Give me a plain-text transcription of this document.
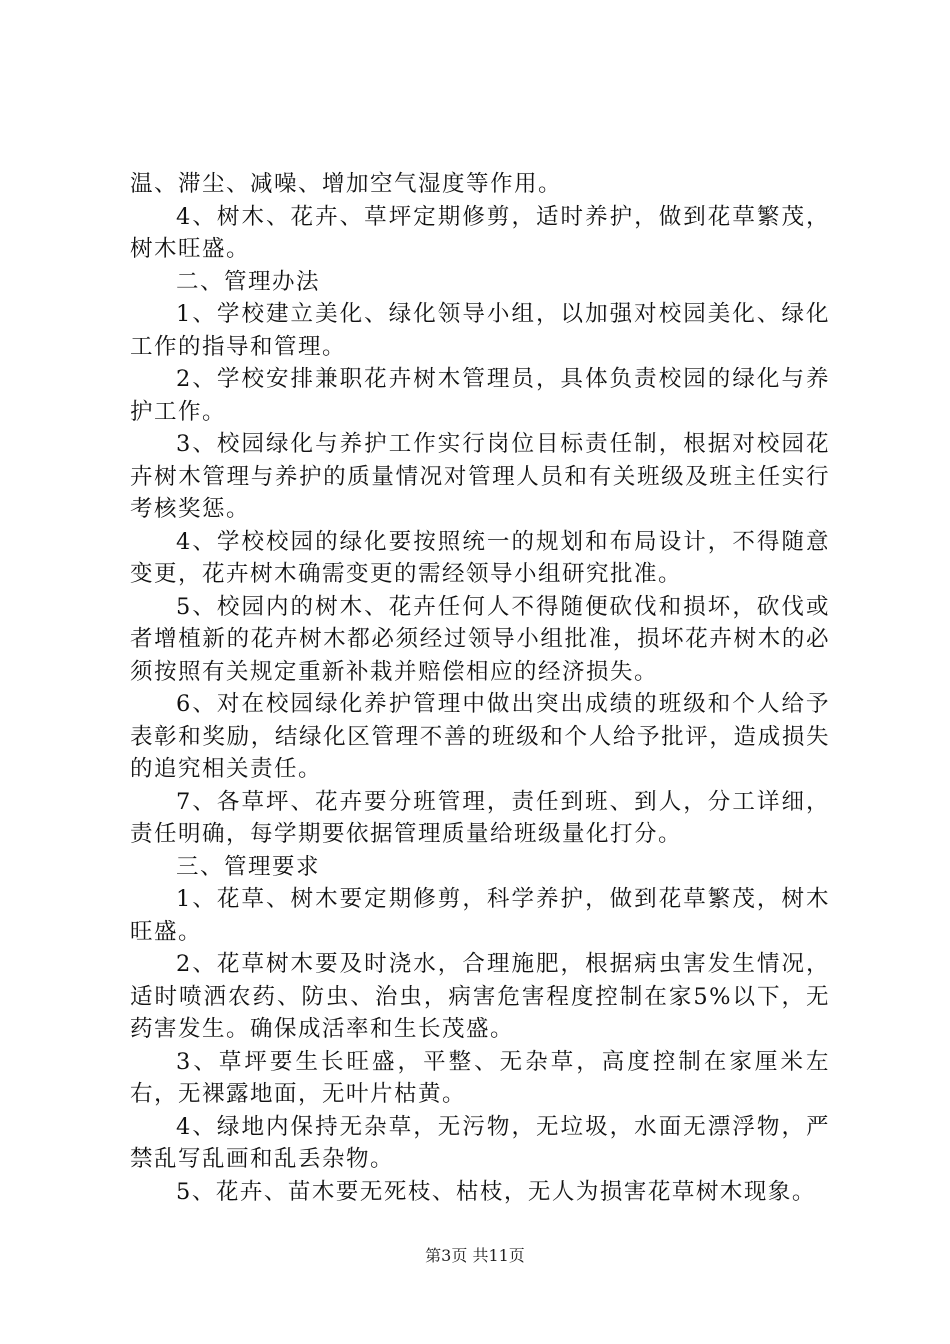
温、滞尘、减噪、增加空气湿度等作用。

4、树木、花卉、草坪定期修剪，适时养护，做到花草繁茂，树木旺盛。

二、管理办法

1、学校建立美化、绿化领导小组，以加强对校园美化、绿化工作的指导和管理。

2、学校安排兼职花卉树木管理员，具体负责校园的绿化与养护工作。

3、校园绿化与养护工作实行岗位目标责任制，根据对校园花卉树木管理与养护的质量情况对管理人员和有关班级及班主任实行考核奖惩。

4、学校校园的绿化要按照统一的规划和布局设计，不得随意变更，花卉树木确需变更的需经领导小组研究批准。

5、校园内的树木、花卉任何人不得随便砍伐和损坏，砍伐或者增植新的花卉树木都必须经过领导小组批准，损坏花卉树木的必须按照有关规定重新补栽并赔偿相应的经济损失。

6、对在校园绿化养护管理中做出突出成绩的班级和个人给予表彰和奖励，结绿化区管理不善的班级和个人给予批评，造成损失的追究相关责任。

7、各草坪、花卉要分班管理，责任到班、到人，分工详细，责任明确，每学期要依据管理质量给班级量化打分。

三、管理要求

1、花草、树木要定期修剪，科学养护，做到花草繁茂，树木旺盛。

2、花草树木要及时浇水，合理施肥，根据病虫害发生情况，适时喷洒农药、防虫、治虫，病害危害程度控制在家5%以下，无药害发生。确保成活率和生长茂盛。

3、草坪要生长旺盛，平整、无杂草，高度控制在家厘米左右，无裸露地面，无叶片枯黄。

4、绿地内保持无杂草，无污物，无垃圾，水面无漂浮物，严禁乱写乱画和乱丢杂物。

5、花卉、苗木要无死枝、枯枝，无人为损害花草树木现象。

第3页 共11页
